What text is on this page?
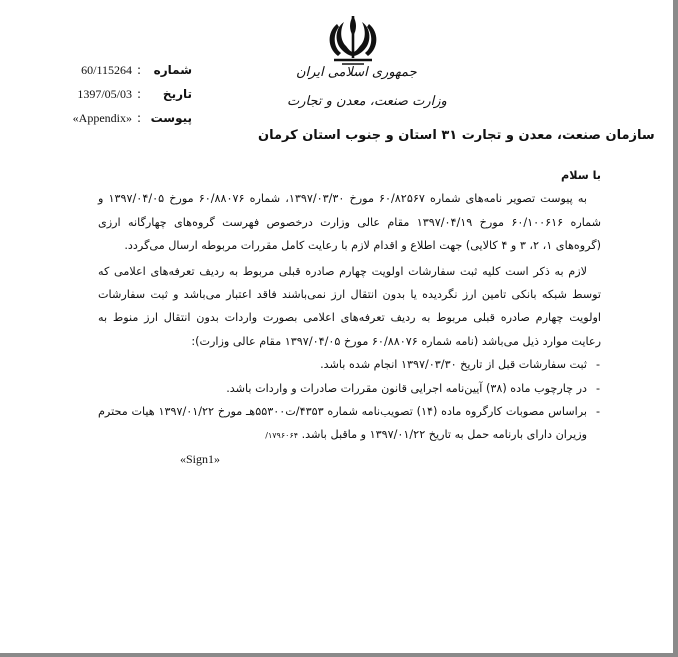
جمهوری اسلامی ایران
وزارت صنعت، معدن و تجارت
سازمان صنعت، معدن و تجارت ۳۱ استان و جنوب استان کرمان
60/115264 :	شماره
1397/05/03 :	تاریخ
«Appendix» : پیوست
با سلام
به پیوست تصویر نامه‌های شماره ۶۰/۸۲۵۶۷ مورخ ۱۳۹۷/۰۳/۳۰، شماره ۶۰/۸۸۰۷۶ مورخ ۱۳۹۷/۰۴/۰۵ و شماره ۶۰/۱۰۰۶۱۶ مورخ ۱۳۹۷/۰۴/۱۹ مقام عالی وزارت درخصوص فهرست گروه‌های چهارگانه ارزی (گروه‌های ۱، ۲، ۳ و ۴ کالایی) جهت اطلاع و اقدام لازم با رعایت کامل مقررات مربوطه ارسال می‌گردد.
لازم به ذکر است کلیه ثبت سفارشات اولویت چهارم صادره قبلی مربوط به ردیف تعرفه‌های اعلامی که توسط شبکه بانکی تامین ارز نگردیده یا بدون انتقال ارز نمی‌باشند فاقد اعتبار می‌باشد و ثبت سفارشات اولویت چهارم صادره قبلی مربوط به ردیف تعرفه‌های اعلامی بصورت واردات بدون انتقال ارز منوط به رعایت موارد ذیل می‌باشد (نامه شماره ۶۰/۸۸۰۷۶ مورخ ۱۳۹۷/۰۴/۰۵ مقام عالی وزارت):
- ثبت سفارشات قبل از تاریخ ۱۳۹۷/۰۳/۳۰ انجام شده باشد.
- در چارچوب ماده (۳۸) آیین‌نامه اجرایی قانون مقررات صادرات و واردات باشد.
- براساس مصوبات کارگروه ماده (۱۴) تصویب‌نامه شماره ۴۳۵۳/ت۵۵۳۰۰هـ مورخ ۱۳۹۷/۰۱/۲۲ هیات محترم وزیران دارای بارنامه حمل به تاریخ ۱۳۹۷/۰۱/۲۲ و ماقبل باشد. ۱۷۹۶۰۶۴/
«Sign1»
